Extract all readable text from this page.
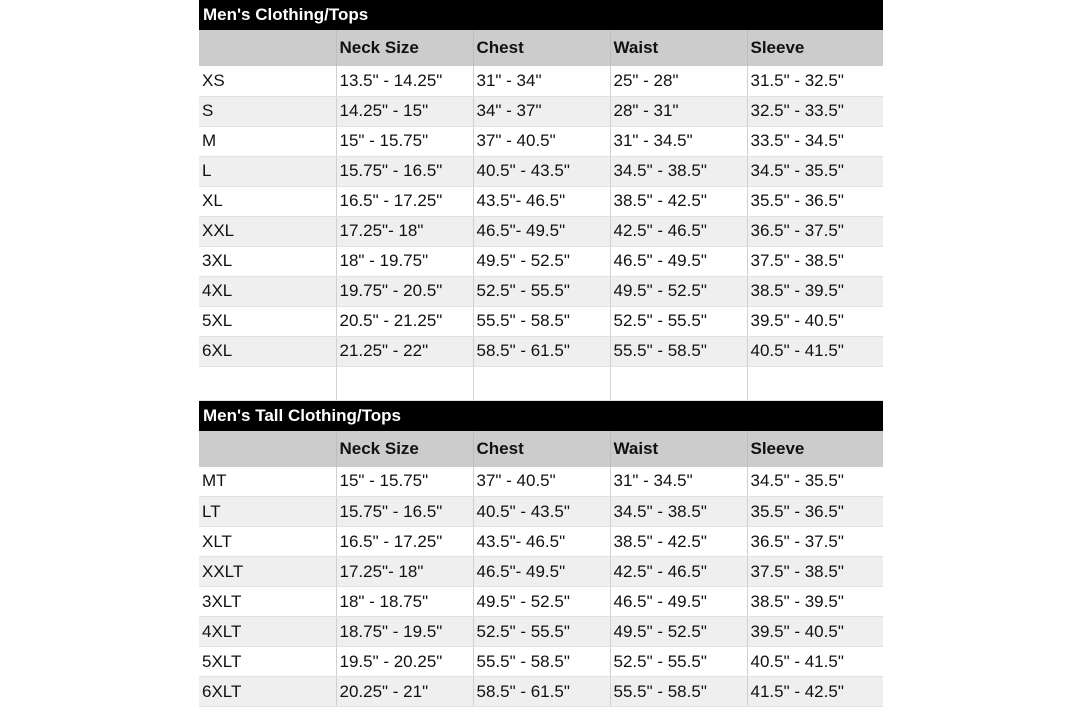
Men's Clothing/Tops
	Neck Size	Chest	Waist	Sleeve
XS	13.5" - 14.25"	31" - 34"	25" - 28"	31.5" - 32.5"
S	14.25" - 15"	34" - 37"	28" - 31"	32.5" - 33.5"
M	15" - 15.75"	37" - 40.5"	31" - 34.5"	33.5" - 34.5"
L	15.75" - 16.5"	40.5" - 43.5"	34.5" - 38.5"	34.5" - 35.5"
XL	16.5" - 17.25"	43.5"- 46.5"	38.5" - 42.5"	35.5" - 36.5"
XXL	17.25"- 18"	46.5"- 49.5"	42.5" - 46.5"	36.5" - 37.5"
3XL	18" - 19.75"	49.5" - 52.5"	46.5" - 49.5"	37.5" - 38.5"
4XL	19.75" - 20.5"	52.5" - 55.5"	49.5" - 52.5"	38.5" - 39.5"
5XL	20.5" - 21.25"	55.5" - 58.5"	52.5" - 55.5"	39.5" - 40.5"
6XL	21.25" - 22"	58.5" - 61.5"	55.5" - 58.5"	40.5" - 41.5"

Men's Tall Clothing/Tops
	Neck Size	Chest	Waist	Sleeve
MT	15" - 15.75"	37" - 40.5"	31" - 34.5"	34.5" - 35.5"
LT	15.75" - 16.5"	40.5" - 43.5"	34.5" - 38.5"	35.5" - 36.5"
XLT	16.5" - 17.25"	43.5"- 46.5"	38.5" - 42.5"	36.5" - 37.5"
XXLT	17.25"- 18"	46.5"- 49.5"	42.5" - 46.5"	37.5" - 38.5"
3XLT	18" - 18.75"	49.5" - 52.5"	46.5" - 49.5"	38.5" - 39.5"
4XLT	18.75" - 19.5"	52.5" - 55.5"	49.5" - 52.5"	39.5" - 40.5"
5XLT	19.5" - 20.25"	55.5" - 58.5"	52.5" - 55.5"	40.5" - 41.5"
6XLT	20.25" - 21"	58.5" - 61.5"	55.5" - 58.5"	41.5" - 42.5"
